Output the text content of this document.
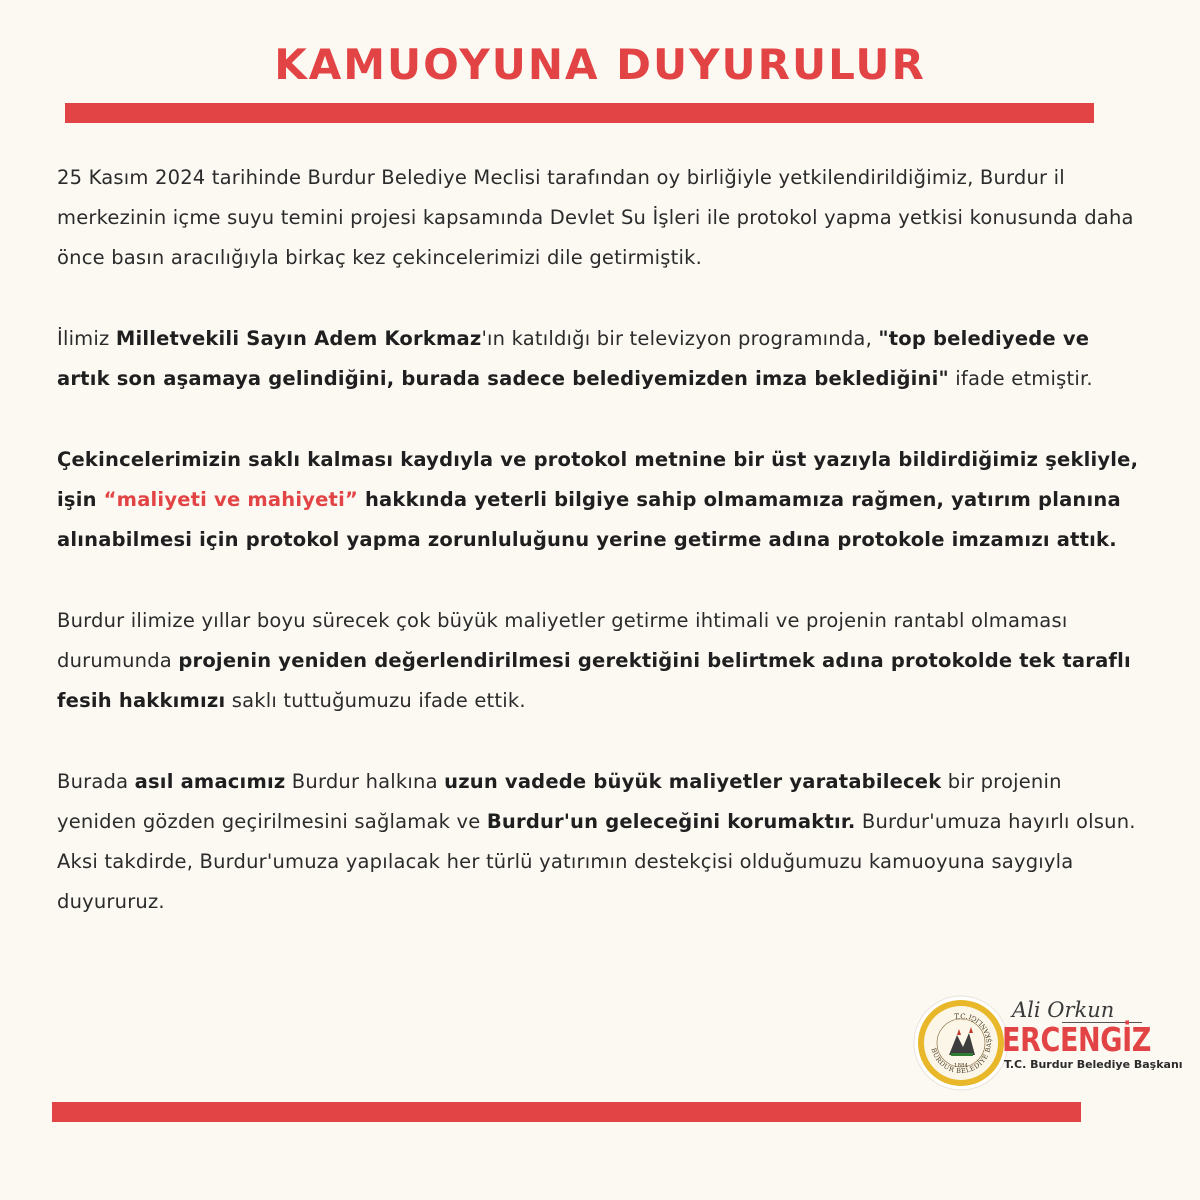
KAMUOYUNA DUYURULUR

25 Kasım 2024 tarihinde Burdur Belediye Meclisi tarafından oy birliğiyle yetkilendirildiğimiz, Burdur il merkezinin içme suyu temini projesi kapsamında Devlet Su İşleri ile protokol yapma yetkisi konusunda daha önce basın aracılığıyla birkaç kez çekincelerimizi dile getirmiştik.

İlimiz Milletvekili Sayın Adem Korkmaz'ın katıldığı bir televizyon programında, "top belediyede ve artık son aşamaya gelindiğini, burada sadece belediyemizden imza beklediğini" ifade etmiştir.

Çekincelerimizin saklı kalması kaydıyla ve protokol metnine bir üst yazıyla bildirdiğimiz şekliyle, işin “maliyeti ve mahiyeti” hakkında yeterli bilgiye sahip olmamamıza rağmen, yatırım planına alınabilmesi için protokol yapma zorunluluğunu yerine getirme adına protokole imzamızı attık.

Burdur ilimize yıllar boyu sürecek çok büyük maliyetler getirme ihtimali ve projenin rantabl olmaması durumunda projenin yeniden değerlendirilmesi gerektiğini belirtmek adına protokolde tek taraflı fesih hakkımızı saklı tuttuğumuzu ifade ettik.

Burada asıl amacımız Burdur halkına uzun vadede büyük maliyetler yaratabilecek bir projenin yeniden gözden geçirilmesini sağlamak ve Burdur'un geleceğini korumaktır. Burdur'umuza hayırlı olsun. Aksi takdirde, Burdur'umuza yapılacak her türlü yatırımın destekçisi olduğumuzu kamuoyuna saygıyla duyururuz.

BURDUR BELEDİYE BAŞKANLIĞI
T.C.
1884
Ali Orkun
ERCENGİZ
T.C. Burdur Belediye Başkanı
